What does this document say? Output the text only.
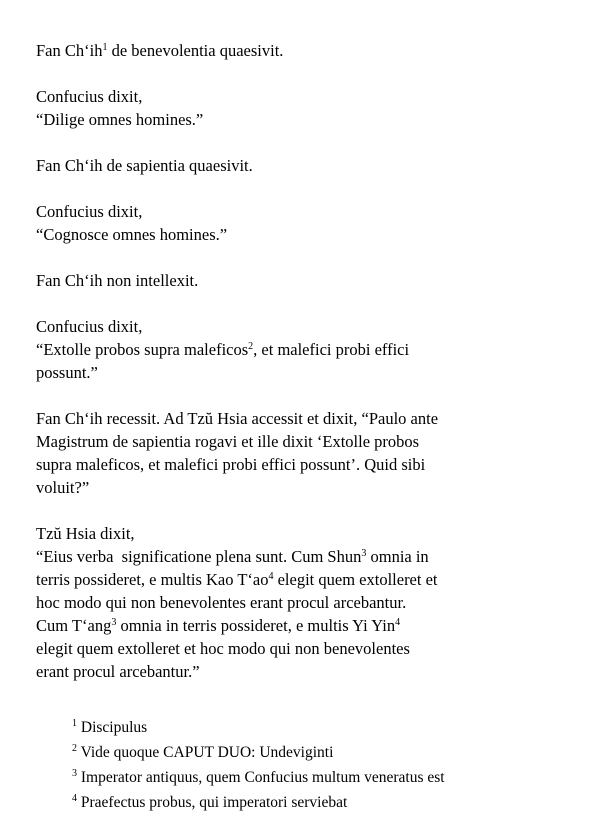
Fan Ch‘ih$^1$ de benevolentia quaesivit.

Confucius dixit,
“Dilige omnes homines.”

Fan Ch‘ih de sapientia quaesivit.

Confucius dixit,
“Cognosce omnes homines.”

Fan Ch‘ih non intellexit.

Confucius dixit,
“Extolle probos supra maleficos$^2$, et malefici probi effici
possunt.”

Fan Ch‘ih recessit. Ad Tzŭ Hsia accessit et dixit, “Paulo ante
Magistrum de sapientia rogavi et ille dixit ‘Extolle probos
supra maleficos, et malefici probi effici possunt’. Quid sibi
voluit?”

Tzŭ Hsia dixit,
“Eius verba  significatione plena sunt. Cum Shun$^3$ omnia in
terris possideret, e multis Kao T‘ao$^4$ elegit quem extolleret et
hoc modo qui non benevolentes erant procul arcebantur.
Cum T‘ang$^3$ omnia in terris possideret, e multis Yi Yin$^4$
elegit quem extolleret et hoc modo qui non benevolentes
erant procul arcebantur.”

$^1$ Discipulus
$^2$ Vide quoque CAPUT DUO: Undeviginti
$^3$ Imperator antiquus, quem Confucius multum veneratus est
$^4$ Praefectus probus, qui imperatori serviebat
